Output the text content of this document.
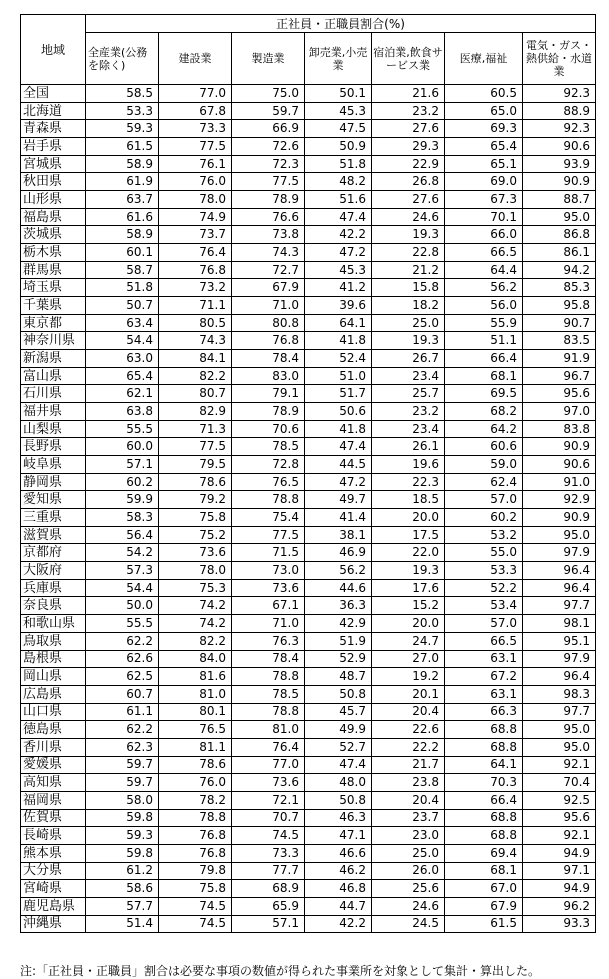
地域	正社員・正職員割合(%)						
	全産業(公務を除く)	建設業	製造業	卸売業,小売業	宿泊業,飲食サービス業	医療,福祉	電気・ガス・熱供給・水道業
全国	58.5	77.0	75.0	50.1	21.6	60.5	92.3
北海道	53.3	67.8	59.7	45.3	23.2	65.0	88.9
青森県	59.3	73.3	66.9	47.5	27.6	69.3	92.3
岩手県	61.5	77.5	72.6	50.9	29.3	65.4	90.6
宮城県	58.9	76.1	72.3	51.8	22.9	65.1	93.9
秋田県	61.9	76.0	77.5	48.2	26.8	69.0	90.9
山形県	63.7	78.0	78.9	51.6	27.6	67.3	88.7
福島県	61.6	74.9	76.6	47.4	24.6	70.1	95.0
茨城県	58.9	73.7	73.8	42.2	19.3	66.0	86.8
栃木県	60.1	76.4	74.3	47.2	22.8	66.5	86.1
群馬県	58.7	76.8	72.7	45.3	21.2	64.4	94.2
埼玉県	51.8	73.2	67.9	41.2	15.8	56.2	85.3
千葉県	50.7	71.1	71.0	39.6	18.2	56.0	95.8
東京都	63.4	80.5	80.8	64.1	25.0	55.9	90.7
神奈川県	54.4	74.3	76.8	41.8	19.3	51.1	83.5
新潟県	63.0	84.1	78.4	52.4	26.7	66.4	91.9
富山県	65.4	82.2	83.0	51.0	23.4	68.1	96.7
石川県	62.1	80.7	79.1	51.7	25.7	69.5	95.6
福井県	63.8	82.9	78.9	50.6	23.2	68.2	97.0
山梨県	55.5	71.3	70.6	41.8	23.4	64.2	83.8
長野県	60.0	77.5	78.5	47.4	26.1	60.6	90.9
岐阜県	57.1	79.5	72.8	44.5	19.6	59.0	90.6
静岡県	60.2	78.6	76.5	47.2	22.3	62.4	91.0
愛知県	59.9	79.2	78.8	49.7	18.5	57.0	92.9
三重県	58.3	75.8	75.4	41.4	20.0	60.2	90.9
滋賀県	56.4	75.2	77.5	38.1	17.5	53.2	95.0
京都府	54.2	73.6	71.5	46.9	22.0	55.0	97.9
大阪府	57.3	78.0	73.0	56.2	19.3	53.3	96.4
兵庫県	54.4	75.3	73.6	44.6	17.6	52.2	96.4
奈良県	50.0	74.2	67.1	36.3	15.2	53.4	97.7
和歌山県	55.5	74.2	71.0	42.9	20.0	57.0	98.1
鳥取県	62.2	82.2	76.3	51.9	24.7	66.5	95.1
島根県	62.6	84.0	78.4	52.9	27.0	63.1	97.9
岡山県	62.5	81.6	78.8	48.7	19.2	67.2	96.4
広島県	60.7	81.0	78.5	50.8	20.1	63.1	98.3
山口県	61.1	80.1	78.8	45.7	20.4	66.3	97.7
徳島県	62.2	76.5	81.0	49.9	22.6	68.8	95.0
香川県	62.3	81.1	76.4	52.7	22.2	68.8	95.0
愛媛県	59.7	78.6	77.0	47.4	21.7	64.1	92.1
高知県	59.7	76.0	73.6	48.0	23.8	70.3	70.4
福岡県	58.0	78.2	72.1	50.8	20.4	66.4	92.5
佐賀県	59.8	78.8	70.7	46.3	23.7	68.8	95.6
長崎県	59.3	76.8	74.5	47.1	23.0	68.8	92.1
熊本県	59.8	76.8	73.3	46.6	25.0	69.4	94.9
大分県	61.2	79.8	77.7	46.2	26.0	68.1	97.1
宮崎県	58.6	75.8	68.9	46.8	25.6	67.0	94.9
鹿児島県	57.7	74.5	65.9	44.7	24.6	67.9	96.2
沖縄県	51.4	74.5	57.1	42.2	24.5	61.5	93.3
注:「正社員・正職員」割合は必要な事項の数値が得られた事業所を対象として集計・算出した。
